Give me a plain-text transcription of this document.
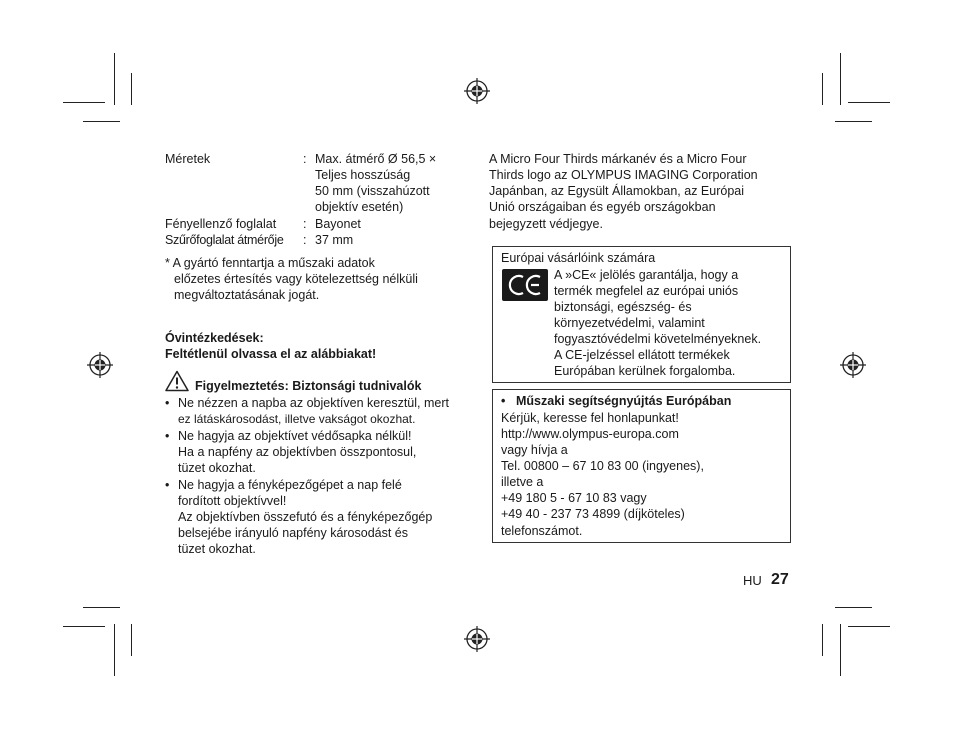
Méretek	: Max. átmérő Ø 56,5 ×
Teljes hosszúság
50 mm (visszahúzott
objektív esetén)
Fényellenző foglalat : Bayonet
Szűrőfoglalat átmérője : 37 mm
* A gyártó fenntartja a műszaki adatok
előzetes értesítés vagy kötelezettség nélküli
megváltoztatásának jogát.
Óvintézkedések:
Feltétlenül olvassa el az alábbiakat!
Figyelmeztetés: Biztonsági tudnivalók
• Ne nézzen a napba az objektíven keresztül, mert
ez látáskárosodást, illetve vakságot okozhat.
• Ne hagyja az objektívet védősapka nélkül!
Ha a napfény az objektívben összpontosul,
tüzet okozhat.
• Ne hagyja a fényképezőgépet a nap felé
fordított objektívvel!
Az objektívben összefutó és a fényképezőgép
belsejébe irányuló napfény károsodást és
tüzet okozhat.
A Micro Four Thirds márkanév és a Micro Four
Thirds logo az OLYMPUS IMAGING Corporation
Japánban, az Egysült Államokban, az Európai
Unió országaiban és egyéb országokban
bejegyzett védjegye.
Európai vásárlóink számára
A »CE« jelölés garantálja, hogy a
termék megfelel az európai uniós
biztonsági, egészség- és
környezetvédelmi, valamint
fogyasztóvédelmi követelményeknek.
A CE-jelzéssel ellátott termékek
Európában kerülnek forgalomba.
• Műszaki segítségnyújtás Európában
Kérjük, keresse fel honlapunkat!
http://www.olympus-europa.com
vagy hívja a
Tel. 00800 – 67 10 83 00 (ingyenes),
illetve a
+49 180 5 - 67 10 83 vagy
+49 40 - 237 73 4899 (díjköteles)
telefonszámot.
HU 27
